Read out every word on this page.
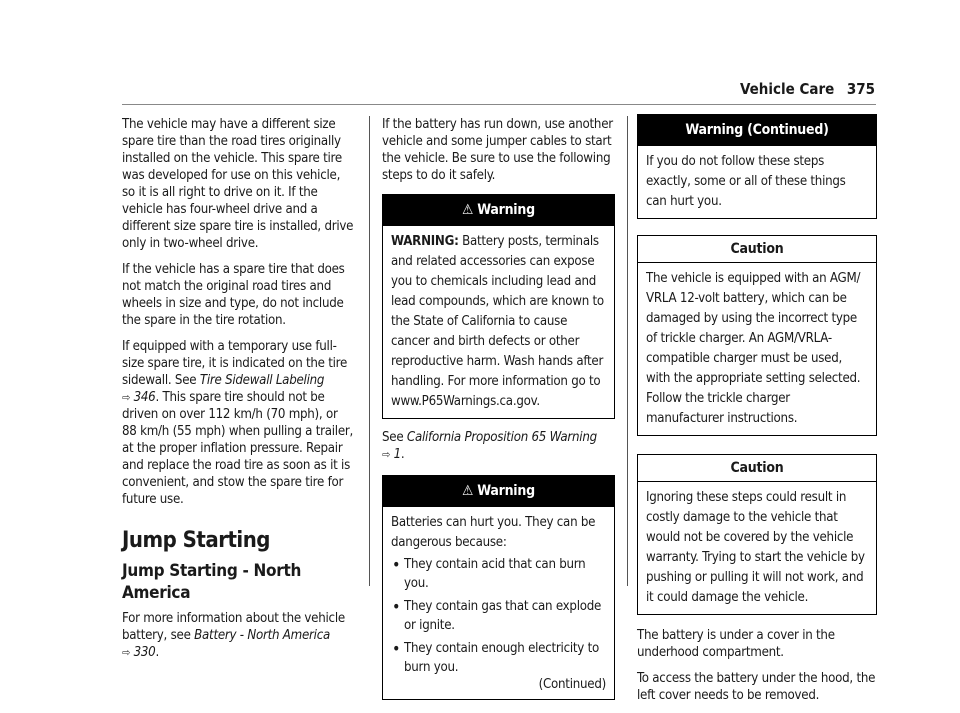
Vehicle Care 375

The vehicle may have a different size spare tire than the road tires originally installed on the vehicle. This spare tire was developed for use on this vehicle, so it is all right to drive on it. If the vehicle has four-wheel drive and a different size spare tire is installed, drive only in two-wheel drive.

If the vehicle has a spare tire that does not match the original road tires and wheels in size and type, do not include the spare in the tire rotation.

If equipped with a temporary use full-size spare tire, it is indicated on the tire sidewall. See Tire Sidewall Labeling ⇨ 346. This spare tire should not be driven on over 112 km/h (70 mph), or 88 km/h (55 mph) when pulling a trailer, at the proper inflation pressure. Repair and replace the road tire as soon as it is convenient, and stow the spare tire for future use.

Jump Starting
Jump Starting - North America

For more information about the vehicle battery, see Battery - North America ⇨ 330.

If the battery has run down, use another vehicle and some jumper cables to start the vehicle. Be sure to use the following steps to do it safely.

⚠ Warning

WARNING: Battery posts, terminals and related accessories can expose you to chemicals including lead and lead compounds, which are known to the State of California to cause cancer and birth defects or other reproductive harm. Wash hands after handling. For more information go to www.P65Warnings.ca.gov.

See California Proposition 65 Warning ⇨ 1.

⚠ Warning

Batteries can hurt you. They can be dangerous because:

• They contain acid that can burn you.
• They contain gas that can explode or ignite.
• They contain enough electricity to burn you.
(Continued)
Warning (Continued)

If you do not follow these steps exactly, some or all of these things can hurt you.

Caution

The vehicle is equipped with an AGM/ VRLA 12-volt battery, which can be damaged by using the incorrect type of trickle charger. An AGM/VRLA-compatible charger must be used, with the appropriate setting selected. Follow the trickle charger manufacturer instructions.

Caution

Ignoring these steps could result in costly damage to the vehicle that would not be covered by the vehicle warranty. Trying to start the vehicle by pushing or pulling it will not work, and it could damage the vehicle.

The battery is under a cover in the underhood compartment.

To access the battery under the hood, the left cover needs to be removed.
